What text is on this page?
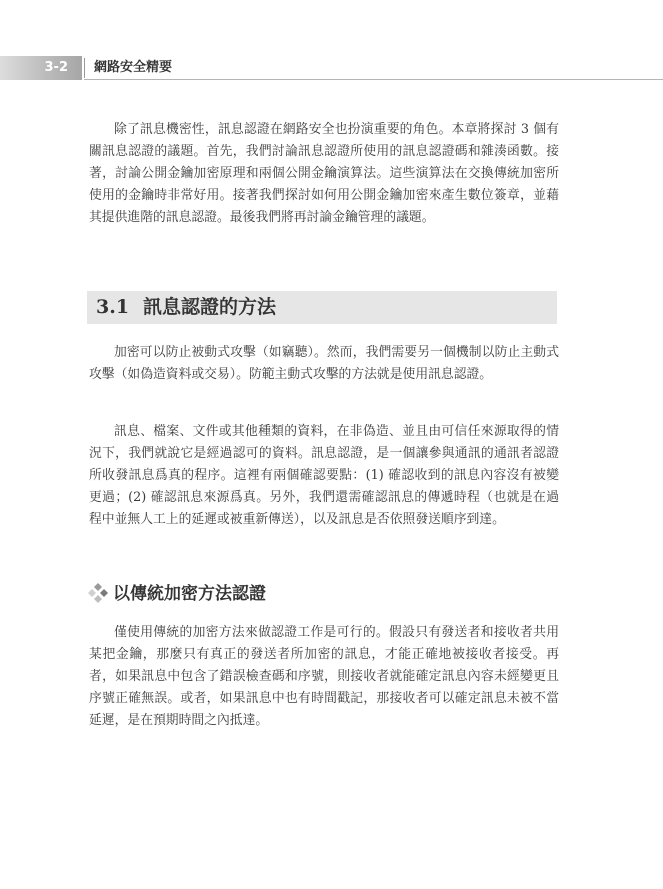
3-2	網路安全精要

除了訊息機密性，訊息認證在網路安全也扮演重要的角色。本章將探討 3 個有關訊息認證的議題。首先，我們討論訊息認證所使用的訊息認證碼和雜湊函數。接著，討論公開金鑰加密原理和兩個公開金鑰演算法。這些演算法在交換傳統加密所使用的金鑰時非常好用。接著我們探討如何用公開金鑰加密來產生數位簽章，並藉其提供進階的訊息認證。最後我們將再討論金鑰管理的議題。

3.1 訊息認證的方法

加密可以防止被動式攻擊（如竊聽）。然而，我們需要另一個機制以防止主動式攻擊（如偽造資料或交易）。防範主動式攻擊的方法就是使用訊息認證。

訊息、檔案、文件或其他種類的資料，在非偽造、並且由可信任來源取得的情況下，我們就說它是經過認可的資料。訊息認證，是一個讓參與通訊的通訊者認證所收發訊息爲真的程序。這裡有兩個確認要點：(1) 確認收到的訊息內容沒有被變更過；(2) 確認訊息來源爲真。另外，我們還需確認訊息的傳遞時程（也就是在過程中並無人工上的延遲或被重新傳送），以及訊息是否依照發送順序到達。

以傳統加密方法認證

僅使用傳統的加密方法來做認證工作是可行的。假設只有發送者和接收者共用某把金鑰，那麼只有真正的發送者所加密的訊息，才能正確地被接收者接受。再者，如果訊息中包含了錯誤檢查碼和序號，則接收者就能確定訊息內容未經變更且序號正確無誤。或者，如果訊息中也有時間戳記，那接收者可以確定訊息未被不當延遲，是在預期時間之內抵達。
